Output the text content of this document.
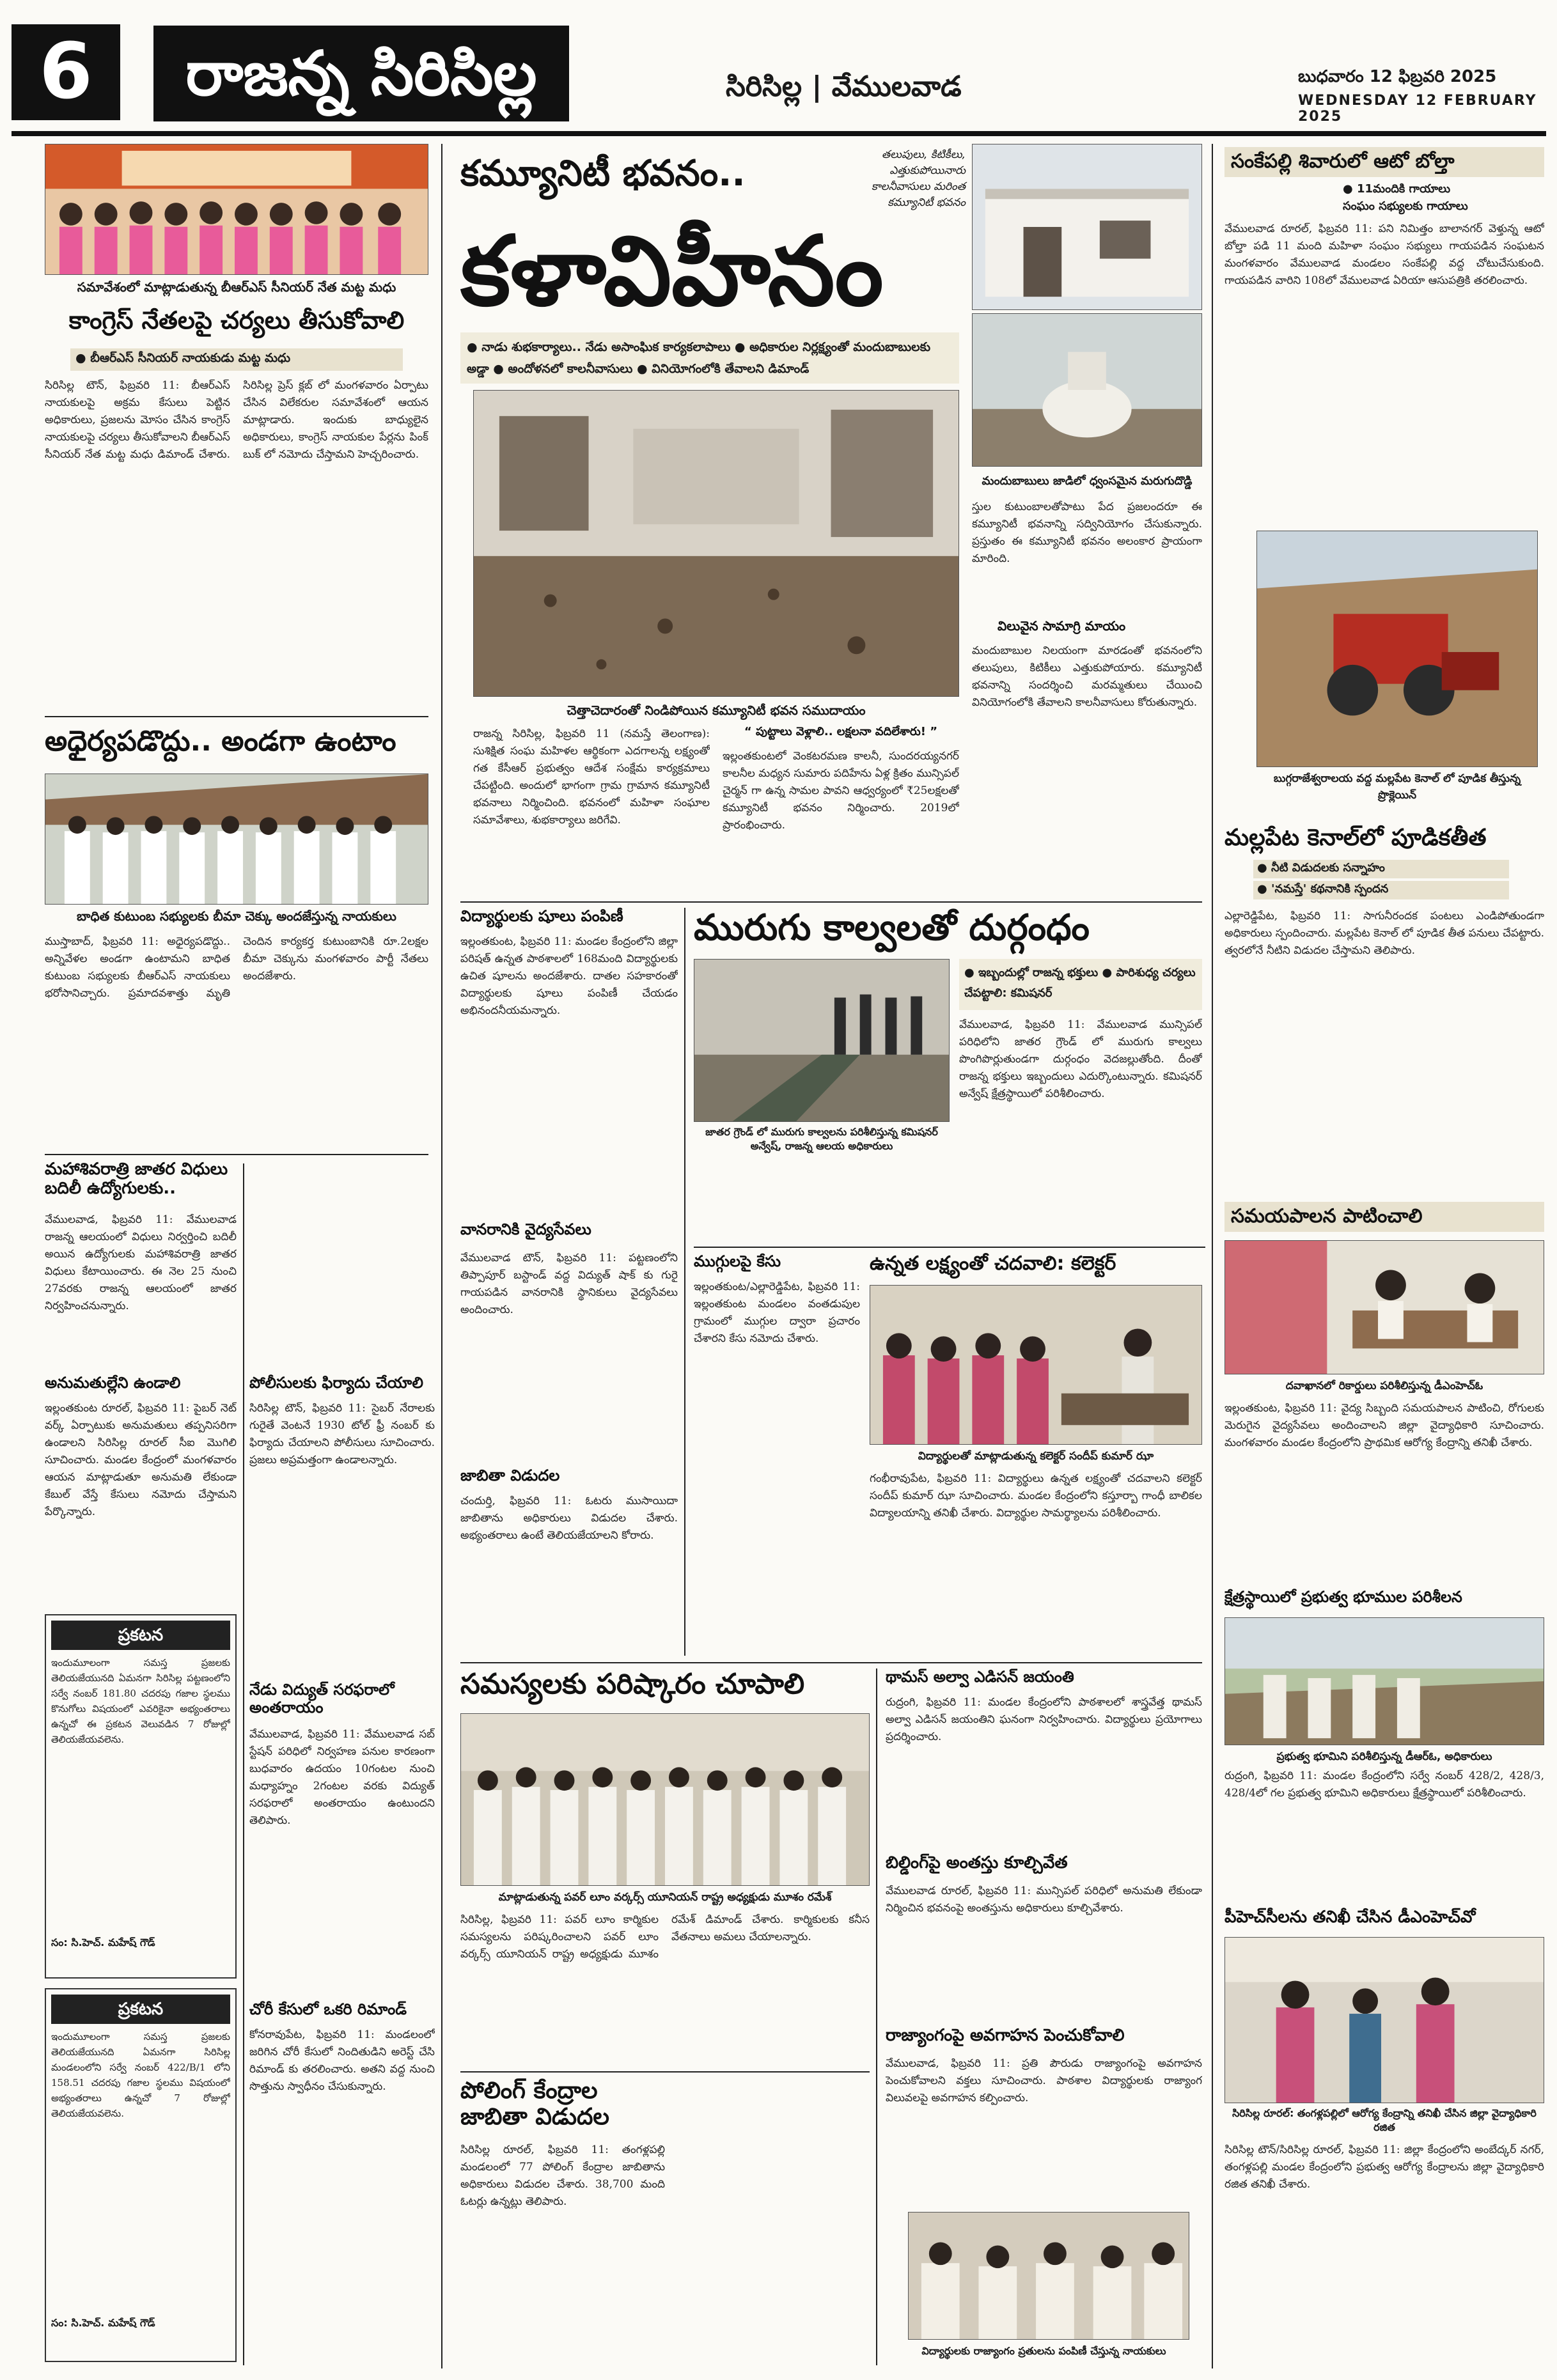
6	రాజన్న సిరిసిల్ల	సిరిసిల్ల | వేములవాడ	బుధవారం 12 ఫిబ్రవరి 2025
WEDNESDAY 12 FEBRUARY 2025
సమావేశంలో మాట్లాడుతున్న బీఆర్ఎస్ సీనియర్ నేత మట్ట మధు
కాంగ్రెస్ నేతలపై చర్యలు తీసుకోవాలి
● బీఆర్ఎస్ సీనియర్ నాయకుడు మట్ట మధు
సిరిసిల్ల టౌన్, ఫిబ్రవరి 11: బీఆర్ఎస్ నాయకులపై అక్రమ కేసులు పెట్టిన అధికారులు, ప్రజలను మోసం చేసిన కాంగ్రెస్ నాయకులపై చర్యలు తీసుకోవాలని బీఆర్ఎస్ సీనియర్ నేత మట్ట మధు డిమాండ్ చేశారు. సిరిసిల్ల ప్రెస్ క్లబ్ లో మంగళవారం ఏర్పాటు చేసిన విలేకరుల సమావేశంలో ఆయన మాట్లాడారు. ఇందుకు బాధ్యులైన అధికారులు, కాంగ్రెస్ నాయకుల పేర్లను పింక్ బుక్ లో నమోదు చేస్తామని హెచ్చరించారు.
అధైర్యపడొద్దు.. అండగా ఉంటాం
బాధిత కుటుంబ సభ్యులకు బీమా చెక్కు అందజేస్తున్న నాయకులు
ముస్తాబాద్, ఫిబ్రవరి 11: అధైర్యపడొద్దు.. అన్నివేళల అండగా ఉంటామని బాధిత కుటుంబ సభ్యులకు బీఆర్ఎస్ నాయకులు భరోసానిచ్చారు. ప్రమాదవశాత్తు మృతి చెందిన కార్యకర్త కుటుంబానికి రూ.2లక్షల బీమా చెక్కును మంగళవారం పార్టీ నేతలు అందజేశారు.
మహాశివరాత్రి జాతర విధులు బదిలీ ఉద్యోగులకు..
వేములవాడ, ఫిబ్రవరి 11: వేములవాడ రాజన్న ఆలయంలో విధులు నిర్వర్తించి బదిలీ అయిన ఉద్యోగులకు మహాశివరాత్రి జాతర విధులు కేటాయించారు. ఈ నెల 25 నుంచి 27వరకు రాజన్న ఆలయంలో జాతర నిర్వహించనున్నారు.
అనుమతుల్లేని ఉండాలి
ఇల్లంతకుంట రూరల్, ఫిబ్రవరి 11: పైబర్ నెట్ వర్క్ ఏర్పాటుకు అనుమతులు తప్పనిసరిగా ఉండాలని సిరిసిల్ల రూరల్ సీఐ మొగిలి సూచించారు. మండల కేంద్రంలో మంగళవారం ఆయన మాట్లాడుతూ అనుమతి లేకుండా కేబుల్ వేస్తే కేసులు నమోదు చేస్తామని పేర్కొన్నారు.
ప్రకటన
ఇందుమూలంగా సమస్త ప్రజలకు తెలియజేయునది ఏమనగా సిరిసిల్ల పట్టణంలోని సర్వే నంబర్ 181.80 చదరపు గజాల స్థలము కొనుగోలు విషయంలో ఎవరికైనా అభ్యంతరాలు ఉన్నచో ఈ ప్రకటన వెలువడిన 7 రోజుల్లో తెలియజేయవలెను.
సం: సి.హెచ్. మహేష్ గౌడ్
ప్రకటన
ఇందుమూలంగా సమస్త ప్రజలకు తెలియజేయునది ఏమనగా సిరిసిల్ల మండలంలోని సర్వే నంబర్ 422/B/1 లోని 158.51 చదరపు గజాల స్థలము విషయంలో అభ్యంతరాలు ఉన్నచో 7 రోజుల్లో తెలియజేయవలెను.
సం: సి.హెచ్. మహేష్ గౌడ్
పోలీసులకు ఫిర్యాదు చేయాలి
సిరిసిల్ల టౌన్, ఫిబ్రవరి 11: సైబర్ నేరాలకు గురైతే వెంటనే 1930 టోల్ ఫ్రీ నంబర్ కు ఫిర్యాదు చేయాలని పోలీసులు సూచించారు. ప్రజలు అప్రమత్తంగా ఉండాలన్నారు.
నేడు విద్యుత్ సరఫరాలో అంతరాయం
వేములవాడ, ఫిబ్రవరి 11: వేములవాడ సబ్ స్టేషన్ పరిధిలో నిర్వహణ పనుల కారణంగా బుధవారం ఉదయం 10గంటల నుంచి మధ్యాహ్నం 2గంటల వరకు విద్యుత్ సరఫరాలో అంతరాయం ఉంటుందని తెలిపారు.
చోరీ కేసులో ఒకరి రిమాండ్
కోనరావుపేట, ఫిబ్రవరి 11: మండలంలో జరిగిన చోరీ కేసులో నిందితుడిని అరెస్ట్ చేసి రిమాండ్ కు తరలించారు. అతని వద్ద నుంచి సొత్తును స్వాధీనం చేసుకున్నారు.
కమ్యూనిటీ భవనం..	తలుపులు, కిటికీలు, ఎత్తుకుపోయినారు కాలనీవాసులు మరింత కమ్యూనిటీ భవనం
కళావిహీనం
● నాడు శుభకార్యాలు.. నేడు అసాంఘిక కార్యకలాపాలు ● అధికారుల నిర్లక్ష్యంతో మందుబాబులకు అడ్డా ● అందోళనలో కాలనీవాసులు ● వినియోగంలోకి తేవాలని డిమాండ్
చెత్తాచెదారంతో నిండిపోయిన కమ్యూనిటీ భవన సముదాయం
మందుబాబులు జాడిలో ధ్వంసమైన మరుగుదొడ్డి
స్తుల కుటుంబాలతోపాటు పేద ప్రజలందరూ ఈ కమ్యూనిటీ భవనాన్ని సద్వినియోగం చేసుకున్నారు. ప్రస్తుతం ఈ కమ్యూనిటీ భవనం అలంకార ప్రాయంగా మారింది.
విలువైన సామాగ్రి మాయం
మందుబాబుల నిలయంగా మారడంతో భవనంలోని తలుపులు, కిటికీలు ఎత్తుకుపోయారు. కమ్యూనిటీ భవనాన్ని సందర్శించి మరమ్మతులు చేయించి వినియోగంలోకి తేవాలని కాలనీవాసులు కోరుతున్నారు.
రాజన్న సిరిసిల్ల, ఫిబ్రవరి 11 (నమస్తే తెలంగాణ): సుశిక్షిత సంఘ మహిళల ఆర్థికంగా ఎదగాలన్న లక్ష్యంతో గత కేసీఆర్ ప్రభుత్వం ఆదేశ సంక్షేమ కార్యక్రమాలు చేపట్టింది. అందులో భాగంగా గ్రామ గ్రామాన కమ్యూనిటీ భవనాలు నిర్మించింది. భవనంలో మహిళా సంఘాల సమావేశాలు, శుభకార్యాలు జరిగేవి.
“ పుట్టాలు వెళ్లాలి.. లక్షలనా వదిలేశారు! ”
ఇల్లంతకుంటలో వెంకటరమణ కాలనీ, సుందరయ్యనగర్ కాలనీల మధ్యన సుమారు పదిహేను ఏళ్ల క్రితం మున్సిపల్ చైర్మన్ గా ఉన్న సామల పావని ఆధ్వర్యంలో ₹25లక్షలతో కమ్యూనిటీ భవనం నిర్మించారు. 2019లో ప్రారంభించారు.
విద్యార్థులకు షూలు పంపిణీ
ఇల్లంతకుంట, ఫిబ్రవరి 11: మండల కేంద్రంలోని జిల్లా పరిషత్ ఉన్నత పాఠశాలలో 168మంది విద్యార్థులకు ఉచిత షూలను అందజేశారు. దాతల సహకారంతో విద్యార్థులకు షూలు పంపిణీ చేయడం అభినందనీయమన్నారు.
వానరానికి వైద్యసేవలు
వేములవాడ టౌన్, ఫిబ్రవరి 11: పట్టణంలోని తిప్పాపూర్ బస్టాండ్ వద్ద విద్యుత్ షాక్ కు గురై గాయపడిన వానరానికి స్థానికులు వైద్యసేవలు అందించారు.
జాబితా విడుదల
చందుర్తి, ఫిబ్రవరి 11: ఓటరు ముసాయిదా జాబితాను అధికారులు విడుదల చేశారు. అభ్యంతరాలు ఉంటే తెలియజేయాలని కోరారు.
మురుగు కాల్వలతో దుర్గంధం
జాతర గ్రౌండ్ లో మురుగు కాల్వలను పరిశీలిస్తున్న కమిషనర్ అన్వేష్, రాజన్న ఆలయ అధికారులు
● ఇబ్బందుల్లో రాజన్న భక్తులు ● పారిశుధ్య చర్యలు చేపట్టాలి: కమిషనర్
వేములవాడ, ఫిబ్రవరి 11: వేములవాడ మున్సిపల్ పరిధిలోని జాతర గ్రౌండ్ లో మురుగు కాల్వలు పొంగిపొర్లుతుండగా దుర్గంధం వెదజల్లుతోంది. దీంతో రాజన్న భక్తులు ఇబ్బందులు ఎదుర్కొంటున్నారు. కమిషనర్ అన్వేష్ క్షేత్రస్థాయిలో పరిశీలించారు.
ముగ్గులపై కేసు
ఇల్లంతకుంట/ఎల్లారెడ్డిపేట, ఫిబ్రవరి 11: ఇల్లంతకుంట మండలం వంతడుపుల గ్రామంలో ముగ్గుల ద్వారా ప్రచారం చేశారని కేసు నమోదు చేశారు.
ఉన్నత లక్ష్యంతో చదవాలి: కలెక్టర్
విద్యార్థులతో మాట్లాడుతున్న కలెక్టర్ సందీప్ కుమార్ ఝా
గంభీరావుపేట, ఫిబ్రవరి 11: విద్యార్థులు ఉన్నత లక్ష్యంతో చదవాలని కలెక్టర్ సందీప్ కుమార్ ఝా సూచించారు. మండల కేంద్రంలోని కస్తూర్బా గాంధీ బాలికల విద్యాలయాన్ని తనిఖీ చేశారు. విద్యార్థుల సామర్థ్యాలను పరిశీలించారు.
సమస్యలకు పరిష్కారం చూపాలి
మాట్లాడుతున్న పవర్ లూం వర్కర్స్ యూనియన్ రాష్ట్ర అధ్యక్షుడు మూశం రమేశ్
సిరిసిల్ల, ఫిబ్రవరి 11: పవర్ లూం కార్మికుల సమస్యలను పరిష్కరించాలని పవర్ లూం వర్కర్స్ యూనియన్ రాష్ట్ర అధ్యక్షుడు మూశం రమేశ్ డిమాండ్ చేశారు. కార్మికులకు కనీస వేతనాలు అమలు చేయాలన్నారు.
పోలింగ్ కేంద్రాల జాబితా విడుదల
సిరిసిల్ల రూరల్, ఫిబ్రవరి 11: తంగళ్లపల్లి మండలంలో 77 పోలింగ్ కేంద్రాల జాబితాను అధికారులు విడుదల చేశారు. 38,700 మంది ఓటర్లు ఉన్నట్లు తెలిపారు.
థామస్ అల్వా ఎడిసన్ జయంతి
రుద్రంగి, ఫిబ్రవరి 11: మండల కేంద్రంలోని పాఠశాలలో శాస్త్రవేత్త థామస్ అల్వా ఎడిసన్ జయంతిని ఘనంగా నిర్వహించారు. విద్యార్థులు ప్రయోగాలు ప్రదర్శించారు.
బిల్డింగ్‌పై అంతస్తు కూల్చివేత
వేములవాడ రూరల్, ఫిబ్రవరి 11: మున్సిపల్ పరిధిలో అనుమతి లేకుండా నిర్మించిన భవనంపై అంతస్తును అధికారులు కూల్చివేశారు.
రాజ్యాంగంపై అవగాహన పెంచుకోవాలి
వేములవాడ, ఫిబ్రవరి 11: ప్రతి పౌరుడు రాజ్యాంగంపై అవగాహన పెంచుకోవాలని వక్తలు సూచించారు. పాఠశాల విద్యార్థులకు రాజ్యాంగ విలువలపై అవగాహన కల్పించారు.
విద్యార్థులకు రాజ్యాంగం ప్రతులను పంపిణీ చేస్తున్న నాయకులు
సంకేపల్లి శివారులో ఆటో బోల్తా
● 11మందికి గాయాలు
సంఘం సభ్యులకు గాయాలు
వేములవాడ రూరల్, ఫిబ్రవరి 11: పని నిమిత్తం బాలానగర్ వెళ్తున్న ఆటో బోల్తా పడి 11 మంది మహిళా సంఘం సభ్యులు గాయపడిన సంఘటన మంగళవారం వేములవాడ మండలం సంకేపల్లి వద్ద చోటుచేసుకుంది. గాయపడిన వారిని 108లో వేములవాడ ఏరియా ఆసుపత్రికి తరలించారు.
బుగ్గరాజేశ్వరాలయ వద్ద మల్లపేట కెనాల్ లో పూడిక తీస్తున్న ప్రొక్లెయిన్
మల్లపేట కెనాల్‌లో పూడికతీత
● నీటి విడుదలకు సన్నాహం
● 'నమస్తే' కథనానికి స్పందన
ఎల్లారెడ్డిపేట, ఫిబ్రవరి 11: సాగునీరందక పంటలు ఎండిపోతుండగా అధికారులు స్పందించారు. మల్లపేట కెనాల్ లో పూడిక తీత పనులు చేపట్టారు. త్వరలోనే నీటిని విడుదల చేస్తామని తెలిపారు.
సమయపాలన పాటించాలి
దవాఖానలో రికార్డులు పరిశీలిస్తున్న డీఎంహెచ్ఓ
ఇల్లంతకుంట, ఫిబ్రవరి 11: వైద్య సిబ్బంది సమయపాలన పాటించి, రోగులకు మెరుగైన వైద్యసేవలు అందించాలని జిల్లా వైద్యాధికారి సూచించారు. మంగళవారం మండల కేంద్రంలోని ప్రాథమిక ఆరోగ్య కేంద్రాన్ని తనిఖీ చేశారు.
క్షేత్రస్థాయిలో ప్రభుత్వ భూముల పరిశీలన
ప్రభుత్వ భూమిని పరిశీలిస్తున్న డీఆర్ఓ, అధికారులు
రుద్రంగి, ఫిబ్రవరి 11: మండల కేంద్రంలోని సర్వే నంబర్ 428/2, 428/3, 428/4లో గల ప్రభుత్వ భూమిని అధికారులు క్షేత్రస్థాయిలో పరిశీలించారు.
పీహెచ్‌సీలను తనిఖీ చేసిన డీఎంహెచ్‌వో
సిరిసిల్ల రూరల్: తంగళ్లపల్లిలో ఆరోగ్య కేంద్రాన్ని తనిఖీ చేసిన జిల్లా వైద్యాధికారి రజిత
సిరిసిల్ల టౌన్/సిరిసిల్ల రూరల్, ఫిబ్రవరి 11: జిల్లా కేంద్రంలోని అంబేద్కర్ నగర్, తంగళ్లపల్లి మండల కేంద్రంలోని ప్రభుత్వ ఆరోగ్య కేంద్రాలను జిల్లా వైద్యాధికారి రజిత తనిఖీ చేశారు.
